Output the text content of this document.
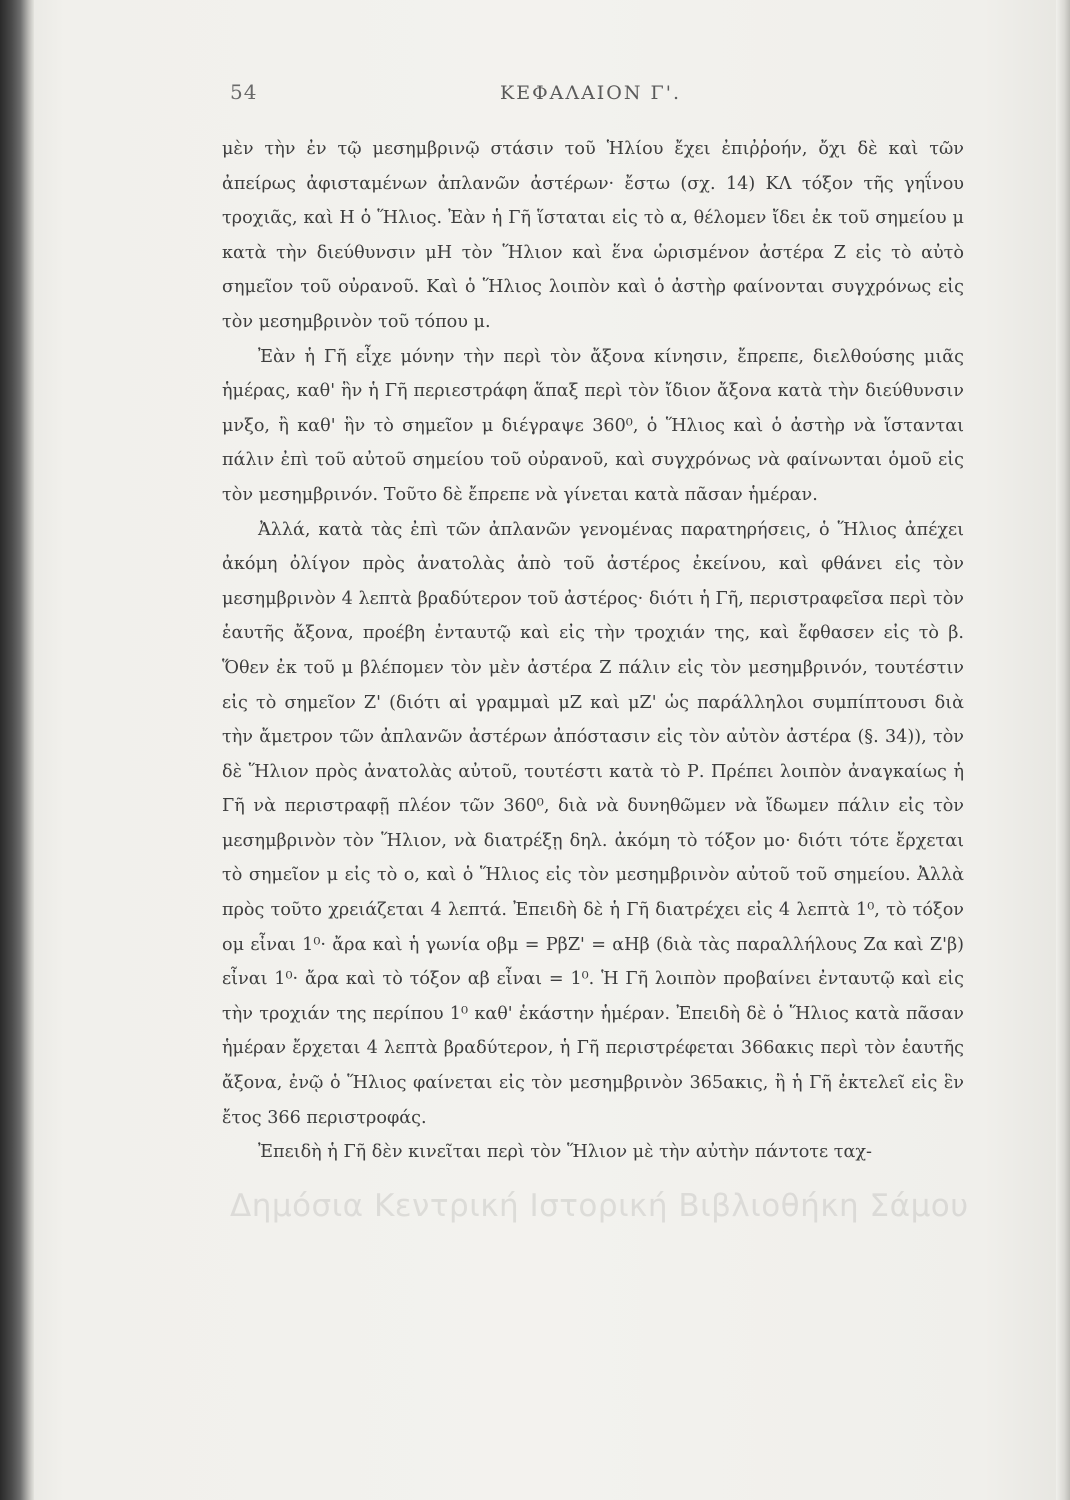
54	ΚΕΦΑΛΑΙΟΝ Γ'.

μὲν τὴν ἐν τῷ μεσημβρινῷ στάσιν τοῦ Ἡλίου ἔχει ἐπιῤῥοήν, ὄχι δὲ καὶ τῶν ἀπείρως ἀφισταμένων ἀπλανῶν ἀστέρων· ἔστω (σχ. 14) ΚΛ τόξον τῆς γηΐνου τροχιᾶς, καὶ Η ὁ Ἥλιος. Ἐὰν ἡ Γῆ ἵσταται εἰς τὸ α, θέλομεν ἴδει ἐκ τοῦ σημείου μ κατὰ τὴν διεύθυνσιν μΗ τὸν Ἥλιον καὶ ἕνα ὡρισμένον ἀστέρα Ζ εἰς τὸ αὐτὸ σημεῖον τοῦ οὐρανοῦ. Καὶ ὁ Ἥλιος λοιπὸν καὶ ὁ ἀστὴρ φαίνονται συγχρόνως εἰς τὸν μεσημβρινὸν τοῦ τόπου μ.

Ἐὰν ἡ Γῆ εἶχε μόνην τὴν περὶ τὸν ἄξονα κίνησιν, ἔπρεπε, διελθούσης μιᾶς ἡμέρας, καθ' ἣν ἡ Γῆ περιεστράφη ἅπαξ περὶ τὸν ἴδιον ἄξονα κατὰ τὴν διεύθυνσιν μνξο, ἢ καθ' ἣν τὸ σημεῖον μ διέγραψε 360⁰, ὁ Ἥλιος καὶ ὁ ἀστὴρ νὰ ἵστανται πάλιν ἐπὶ τοῦ αὐτοῦ σημείου τοῦ οὐρανοῦ, καὶ συγχρόνως νὰ φαίνωνται ὁμοῦ εἰς τὸν μεσημβρινόν. Τοῦτο δὲ ἔπρεπε νὰ γίνεται κατὰ πᾶσαν ἡμέραν.

Ἀλλά, κατὰ τὰς ἐπὶ τῶν ἀπλανῶν γενομένας παρατηρήσεις, ὁ Ἥλιος ἀπέχει ἀκόμη ὀλίγον πρὸς ἀνατολὰς ἀπὸ τοῦ ἀστέρος ἐκείνου, καὶ φθάνει εἰς τὸν μεσημβρινὸν 4 λεπτὰ βραδύτερον τοῦ ἀστέρος· διότι ἡ Γῆ, περιστραφεῖσα περὶ τὸν ἑαυτῆς ἄξονα, προέβη ἐνταυτῷ καὶ εἰς τὴν τροχιάν της, καὶ ἔφθασεν εἰς τὸ β. Ὅθεν ἐκ τοῦ μ βλέπομεν τὸν μὲν ἀστέρα Ζ πάλιν εἰς τὸν μεσημβρινόν, τουτέστιν εἰς τὸ σημεῖον Ζ' (διότι αἱ γραμμαὶ μΖ καὶ μΖ' ὡς παράλληλοι συμπίπτουσι διὰ τὴν ἄμετρον τῶν ἀπλανῶν ἀστέρων ἀπόστασιν εἰς τὸν αὐτὸν ἀστέρα (§. 34)), τὸν δὲ Ἥλιον πρὸς ἀνατολὰς αὐτοῦ, τουτέστι κατὰ τὸ Ρ. Πρέπει λοιπὸν ἀναγκαίως ἡ Γῆ νὰ περιστραφῇ πλέον τῶν 360⁰, διὰ νὰ δυνηθῶμεν νὰ ἴδωμεν πάλιν εἰς τὸν μεσημβρινὸν τὸν Ἥλιον, νὰ διατρέξῃ δηλ. ἀκόμη τὸ τόξον μο· διότι τότε ἔρχεται τὸ σημεῖον μ εἰς τὸ ο, καὶ ὁ Ἥλιος εἰς τὸν μεσημβρινὸν αὐτοῦ τοῦ σημείου. Ἀλλὰ πρὸς τοῦτο χρειάζεται 4 λεπτά. Ἐπειδὴ δὲ ἡ Γῆ διατρέχει εἰς 4 λεπτὰ 1⁰, τὸ τόξον ομ εἶναι 1⁰· ἄρα καὶ ἡ γωνία οβμ = ΡβΖ' = αΗβ (διὰ τὰς παραλλήλους Ζα καὶ Ζ'β) εἶναι 1⁰· ἄρα καὶ τὸ τόξον αβ εἶναι = 1⁰. Ἡ Γῆ λοιπὸν προβαίνει ἐνταυτῷ καὶ εἰς τὴν τροχιάν της περίπου 1⁰ καθ' ἑκάστην ἡμέραν. Ἐπειδὴ δὲ ὁ Ἥλιος κατὰ πᾶσαν ἡμέραν ἔρχεται 4 λεπτὰ βραδύτερον, ἡ Γῆ περιστρέφεται 366ακις περὶ τὸν ἑαυτῆς ἄξονα, ἐνῷ ὁ Ἥλιος φαίνεται εἰς τὸν μεσημβρινὸν 365ακις, ἢ ἡ Γῆ ἐκτελεῖ εἰς ἓν ἔτος 366 περιστροφάς.

Ἐπειδὴ ἡ Γῆ δὲν κινεῖται περὶ τὸν Ἥλιον μὲ τὴν αὐτὴν πάντοτε ταχ-

Δημόσια Κεντρική Ιστορική Βιβλιοθήκη Σάμου
